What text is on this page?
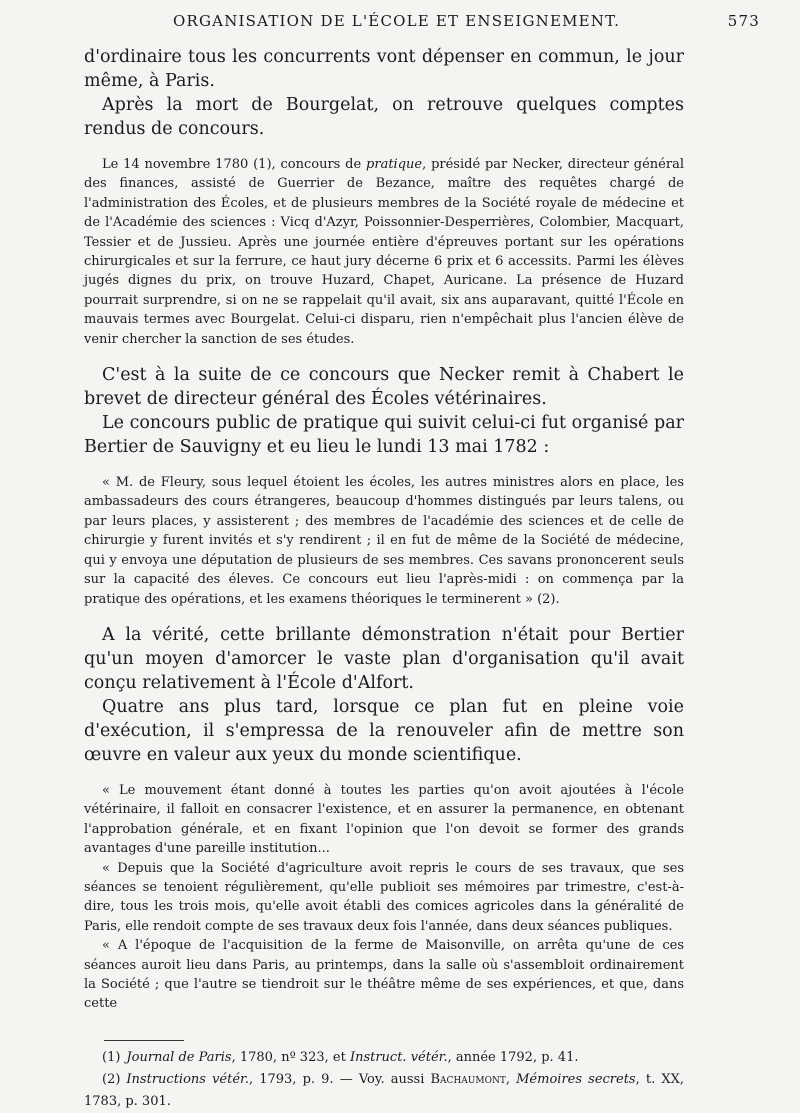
ORGANISATION DE L'ÉCOLE ET ENSEIGNEMENT.	573

d'ordinaire tous les concurrents vont dépenser en commun, le jour même, à Paris.

Après la mort de Bourgelat, on retrouve quelques comptes rendus de concours.

Le 14 novembre 1780 (1), concours de pratique, présidé par Necker, directeur général des finances, assisté de Guerrier de Bezance, maître des requêtes chargé de l'administration des Écoles, et de plusieurs membres de la Société royale de médecine et de l'Académie des sciences : Vicq d'Azyr, Poissonnier-Desperrières, Colombier, Macquart, Tessier et de Jussieu. Après une journée entière d'épreuves portant sur les opérations chirurgicales et sur la ferrure, ce haut jury décerne 6 prix et 6 accessits. Parmi les élèves jugés dignes du prix, on trouve Huzard, Chapet, Auricane. La présence de Huzard pourrait surprendre, si on ne se rappelait qu'il avait, six ans auparavant, quitté l'École en mauvais termes avec Bourgelat. Celui-ci disparu, rien n'empêchait plus l'ancien élève de venir chercher la sanction de ses études.

C'est à la suite de ce concours que Necker remit à Chabert le brevet de directeur général des Écoles vétérinaires.

Le concours public de pratique qui suivit celui-ci fut organisé par Bertier de Sauvigny et eu lieu le lundi 13 mai 1782 :

« M. de Fleury, sous lequel étoient les écoles, les autres ministres alors en place, les ambassadeurs des cours étrangeres, beaucoup d'hommes distingués par leurs talens, ou par leurs places, y assisterent ; des membres de l'académie des sciences et de celle de chirurgie y furent invités et s'y rendirent ; il en fut de même de la Société de médecine, qui y envoya une députation de plusieurs de ses membres. Ces savans prononcerent seuls sur la capacité des éleves. Ce concours eut lieu l'après-midi : on commença par la pratique des opérations, et les examens théoriques le terminerent » (2).

A la vérité, cette brillante démonstration n'était pour Bertier qu'un moyen d'amorcer le vaste plan d'organisation qu'il avait conçu relativement à l'École d'Alfort.

Quatre ans plus tard, lorsque ce plan fut en pleine voie d'exécution, il s'empressa de la renouveler afin de mettre son œuvre en valeur aux yeux du monde scientifique.

« Le mouvement étant donné à toutes les parties qu'on avoit ajoutées à l'école vétérinaire, il falloit en consacrer l'existence, et en assurer la permanence, en obtenant l'approbation générale, et en fixant l'opinion que l'on devoit se former des grands avantages d'une pareille institution...

« Depuis que la Société d'agriculture avoit repris le cours de ses travaux, que ses séances se tenoient régulièrement, qu'elle publioit ses mémoires par trimestre, c'est-à-dire, tous les trois mois, qu'elle avoit établi des comices agricoles dans la généralité de Paris, elle rendoit compte de ses travaux deux fois l'année, dans deux séances publiques.

« A l'époque de l'acquisition de la ferme de Maisonville, on arrêta qu'une de ces séances auroit lieu dans Paris, au printemps, dans la salle où s'assembloit ordinairement la Société ; que l'autre se tiendroit sur le théâtre même de ses expériences, et que, dans cette

(1) Journal de Paris, 1780, nº 323, et Instruct. vétér., année 1792, p. 41.

(2) Instructions vétér., 1793, p. 9. — Voy. aussi Bachaumont, Mémoires secrets, t. XX, 1783, p. 301.
